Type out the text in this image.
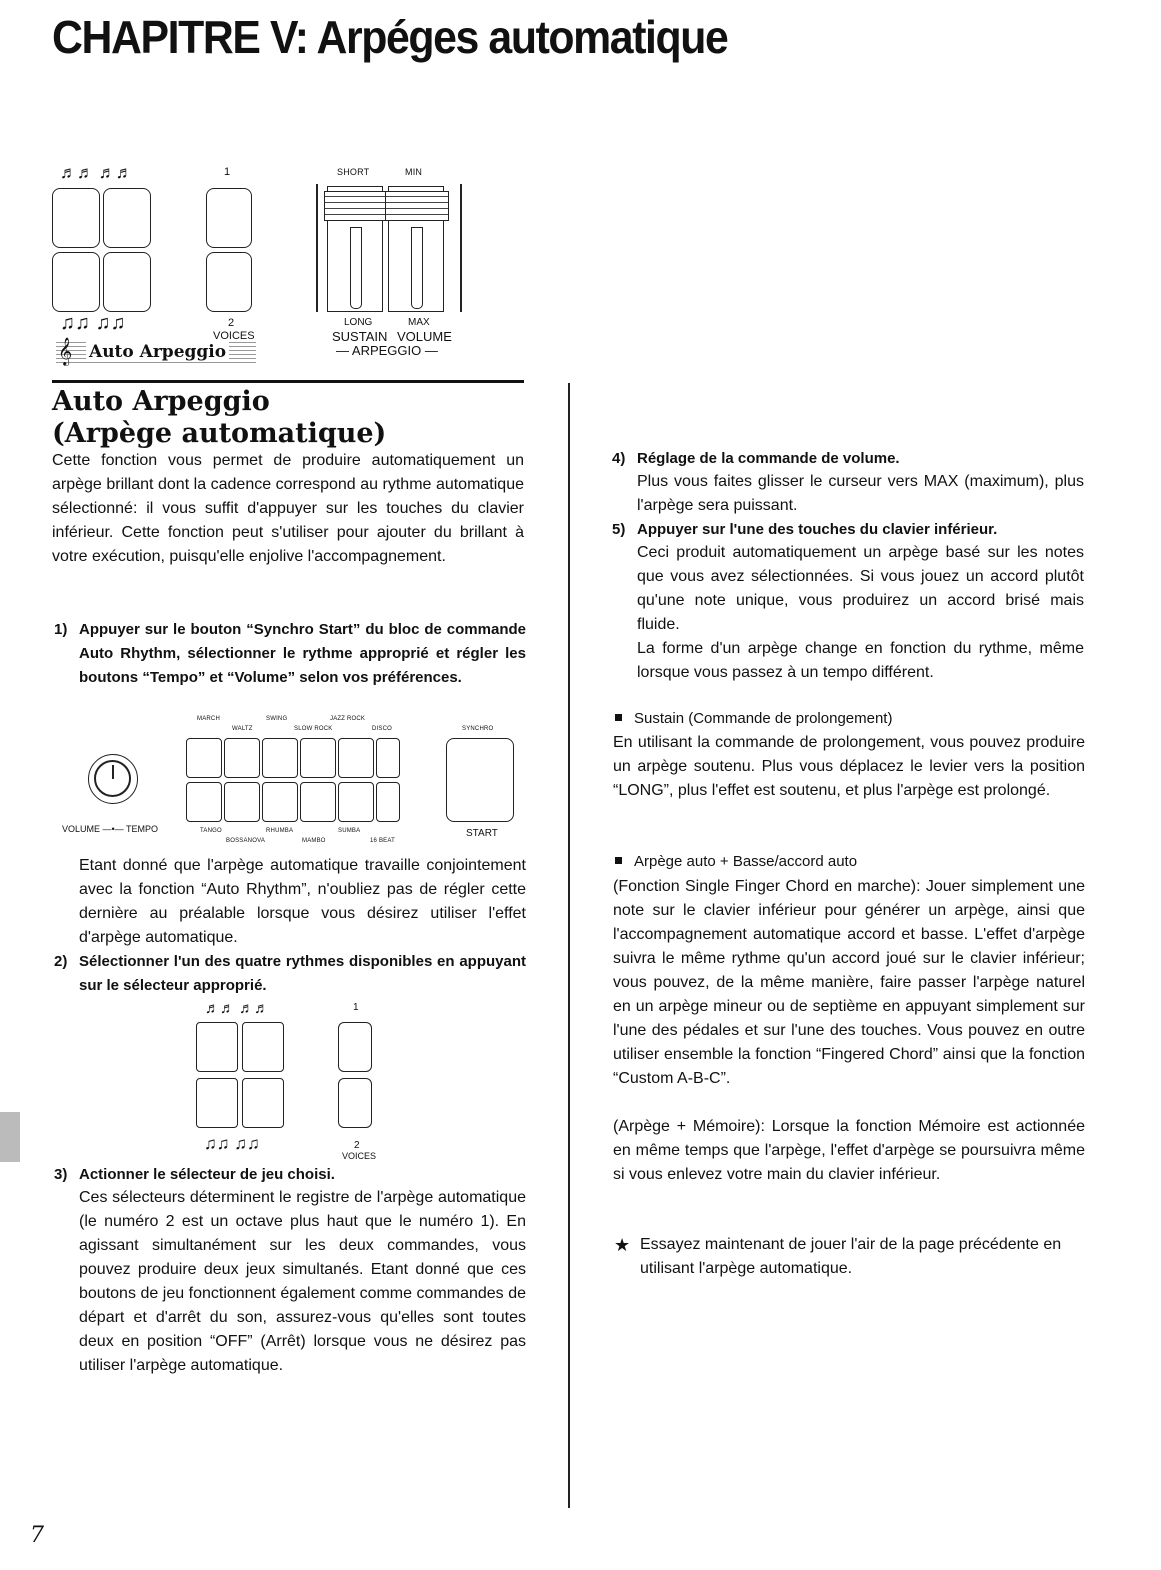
CHAPITRE V: Arpéges automatique
♬♬ ♬♬
♫♫ ♫♫
1
2
VOICES
𝄞 Auto Arpeggio
SHORT	MIN
LONG	MAX
SUSTAIN VOLUME
— ARPEGGIO —
Auto Arpeggio
(Arpège automatique)
Cette fonction vous permet de produire automatiquement un arpège brillant dont la cadence correspond au rythme automatique sélectionné: il vous suffit d'appuyer sur les touches du clavier inférieur. Cette fonction peut s'utiliser pour ajouter du brillant à votre exécution, puisqu'elle enjolive l'accompagnement.
1) Appuyer sur le bouton “Synchro Start” du bloc de commande Auto Rhythm, sélectionner le rythme approprié et régler les boutons “Tempo” et “Volume” selon vos préférences.
MARCH
WALTZ
SWING
SLOW ROCK
JAZZ ROCK
DISCO
TANGO
BOSSANOVA
RHUMBA
MAMBO
SUMBA
16 BEAT
SYNCHRO
START
VOLUME —•— TEMPO
Etant donné que l'arpège automatique travaille conjointement avec la fonction “Auto Rhythm”, n'oubliez pas de régler cette dernière au préalable lorsque vous désirez utiliser l'effet d'arpège automatique.
2) Sélectionner l'un des quatre rythmes disponibles en appuyant sur le sélecteur approprié.
♬♬ ♬♬
♫♫ ♫♫
1
2
VOICES
3) Actionner le sélecteur de jeu choisi.
Ces sélecteurs déterminent le registre de l'arpège automatique (le numéro 2 est un octave plus haut que le numéro 1). En agissant simultanément sur les deux commandes, vous pouvez produire deux jeux simultanés. Etant donné que ces boutons de jeu fonctionnent également comme commandes de départ et d'arrêt du son, assurez-vous qu'elles sont toutes deux en position “OFF” (Arrêt) lorsque vous ne désirez pas utiliser l'arpège automatique.
4) Réglage de la commande de volume.
Plus vous faites glisser le curseur vers MAX (maximum), plus l'arpège sera puissant.
5) Appuyer sur l'une des touches du clavier inférieur.
Ceci produit automatiquement un arpège basé sur les notes que vous avez sélectionnées. Si vous jouez un accord plutôt qu'une note unique, vous produirez un accord brisé mais fluide.
La forme d'un arpège change en fonction du rythme, même lorsque vous passez à un tempo différent.
Sustain (Commande de prolongement)
En utilisant la commande de prolongement, vous pouvez produire un arpège soutenu. Plus vous déplacez le levier vers la position “LONG”, plus l'effet est soutenu, et plus l'arpège est prolongé.
Arpège auto + Basse/accord auto
(Fonction Single Finger Chord en marche): Jouer simplement une note sur le clavier inférieur pour générer un arpège, ainsi que l'accompagnement automatique accord et basse. L'effet d'arpège suivra le même rythme qu'un accord joué sur le clavier inférieur; vous pouvez, de la même manière, faire passer l'arpège naturel en un arpège mineur ou de septième en appuyant simplement sur l'une des pédales et sur l'une des touches. Vous pouvez en outre utiliser ensemble la fonction “Fingered Chord” ainsi que la fonction “Custom A-B-C”.
(Arpège + Mémoire): Lorsque la fonction Mémoire est actionnée en même temps que l'arpège, l'effet d'arpège se poursuivra même si vous enlevez votre main du clavier inférieur.
★ Essayez maintenant de jouer l'air de la page précédente en utilisant l'arpège automatique.
7
